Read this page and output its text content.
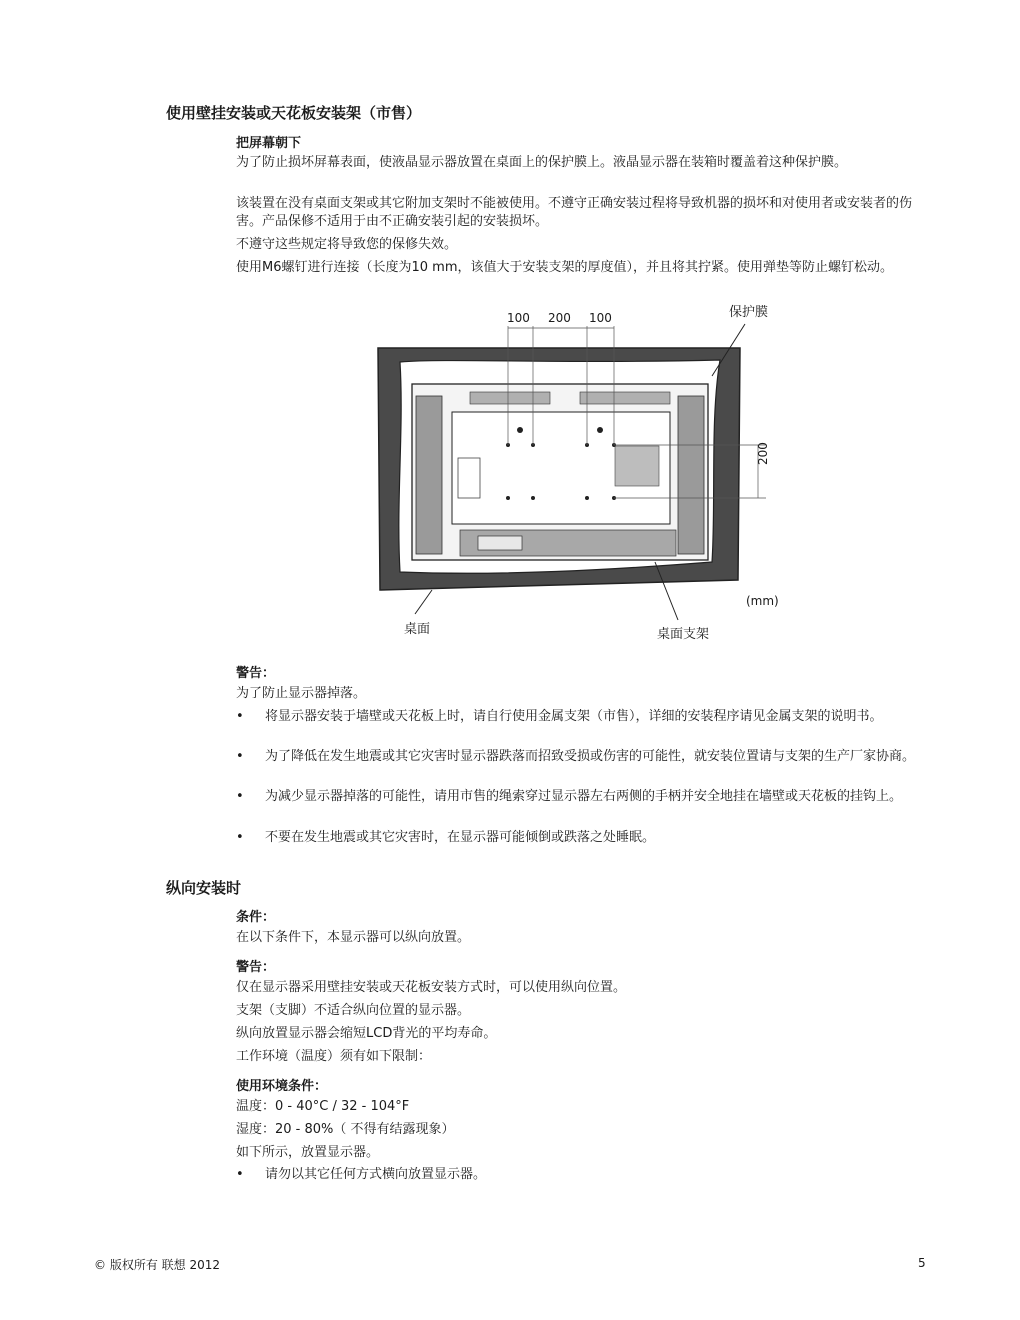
使用壁挂安装或天花板安装架（市售）
把屏幕朝下
为了防止损坏屏幕表面，使液晶显示器放置在桌面上的保护膜上。液晶显示器在装箱时覆盖着这种保护膜。
该装置在没有桌面支架或其它附加支架时不能被使用。不遵守正确安装过程将导致机器的损坏和对使用者或安装者的伤害。产品保修不适用于由不正确安装引起的安装损坏。
不遵守这些规定将导致您的保修失效。
使用M6螺钉进行连接（长度为10 mm，该值大于安装支架的厚度值），并且将其拧紧。使用弹垫等防止螺钉松动。
100 200 100
200
保护膜
(mm)
桌面	桌面支架
警告：
为了防止显示器掉落。
• 将显示器安装于墙壁或天花板上时，请自行使用金属支架（市售），详细的安装程序请见金属支架的说明书。
• 为了降低在发生地震或其它灾害时显示器跌落而招致受损或伤害的可能性，就安装位置请与支架的生产厂家协商。
• 为减少显示器掉落的可能性，请用市售的绳索穿过显示器左右两侧的手柄并安全地挂在墙壁或天花板的挂钩上。
• 不要在发生地震或其它灾害时，在显示器可能倾倒或跌落之处睡眠。
纵向安装时
条件：
在以下条件下，本显示器可以纵向放置。
警告：
仅在显示器采用壁挂安装或天花板安装方式时，可以使用纵向位置。
支架（支脚）不适合纵向位置的显示器。
纵向放置显示器会缩短LCD背光的平均寿命。
工作环境（温度）须有如下限制：
使用环境条件：
温度：0 - 40°C / 32 - 104°F
湿度：20 - 80%（ 不得有结露现象）
如下所示，放置显示器。
• 请勿以其它任何方式横向放置显示器。
© 版权所有 联想 2012	5
